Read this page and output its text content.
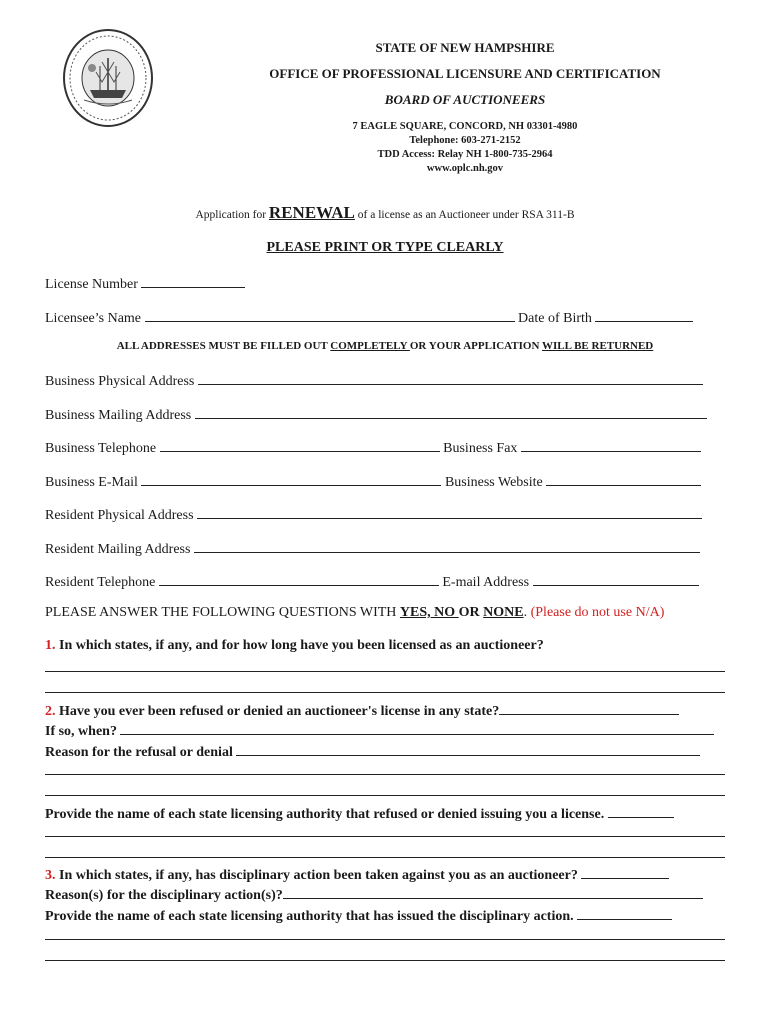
STATE OF NEW HAMPSHIRE
OFFICE OF PROFESSIONAL LICENSURE AND CERTIFICATION
BOARD OF AUCTIONEERS
7 EAGLE SQUARE, CONCORD, NH 03301-4980
Telephone: 603-271-2152
TDD Access: Relay NH 1-800-735-2964
www.oplc.nh.gov
Application for RENEWAL of a license as an Auctioneer under RSA 311-B
PLEASE PRINT OR TYPE CLEARLY
License Number
Licensee’s Name	Date of Birth
ALL ADDRESSES MUST BE FILLED OUT COMPLETELY OR YOUR APPLICATION WILL BE RETURNED
Business Physical Address
Business Mailing Address
Business Telephone	Business Fax
Business E-Mail	Business Website
Resident Physical Address
Resident Mailing Address
Resident Telephone	E-mail Address
PLEASE ANSWER THE FOLLOWING QUESTIONS WITH YES, NO OR NONE. (Please do not use N/A)
1. In which states, if any, and for how long have you been licensed as an auctioneer?
2. Have you ever been refused or denied an auctioneer's license in any state?
If so, when?
Reason for the refusal or denial
Provide the name of each state licensing authority that refused or denied issuing you a license.
3. In which states, if any, has disciplinary action been taken against you as an auctioneer?
Reason(s) for the disciplinary action(s)?
Provide the name of each state licensing authority that has issued the disciplinary action.
